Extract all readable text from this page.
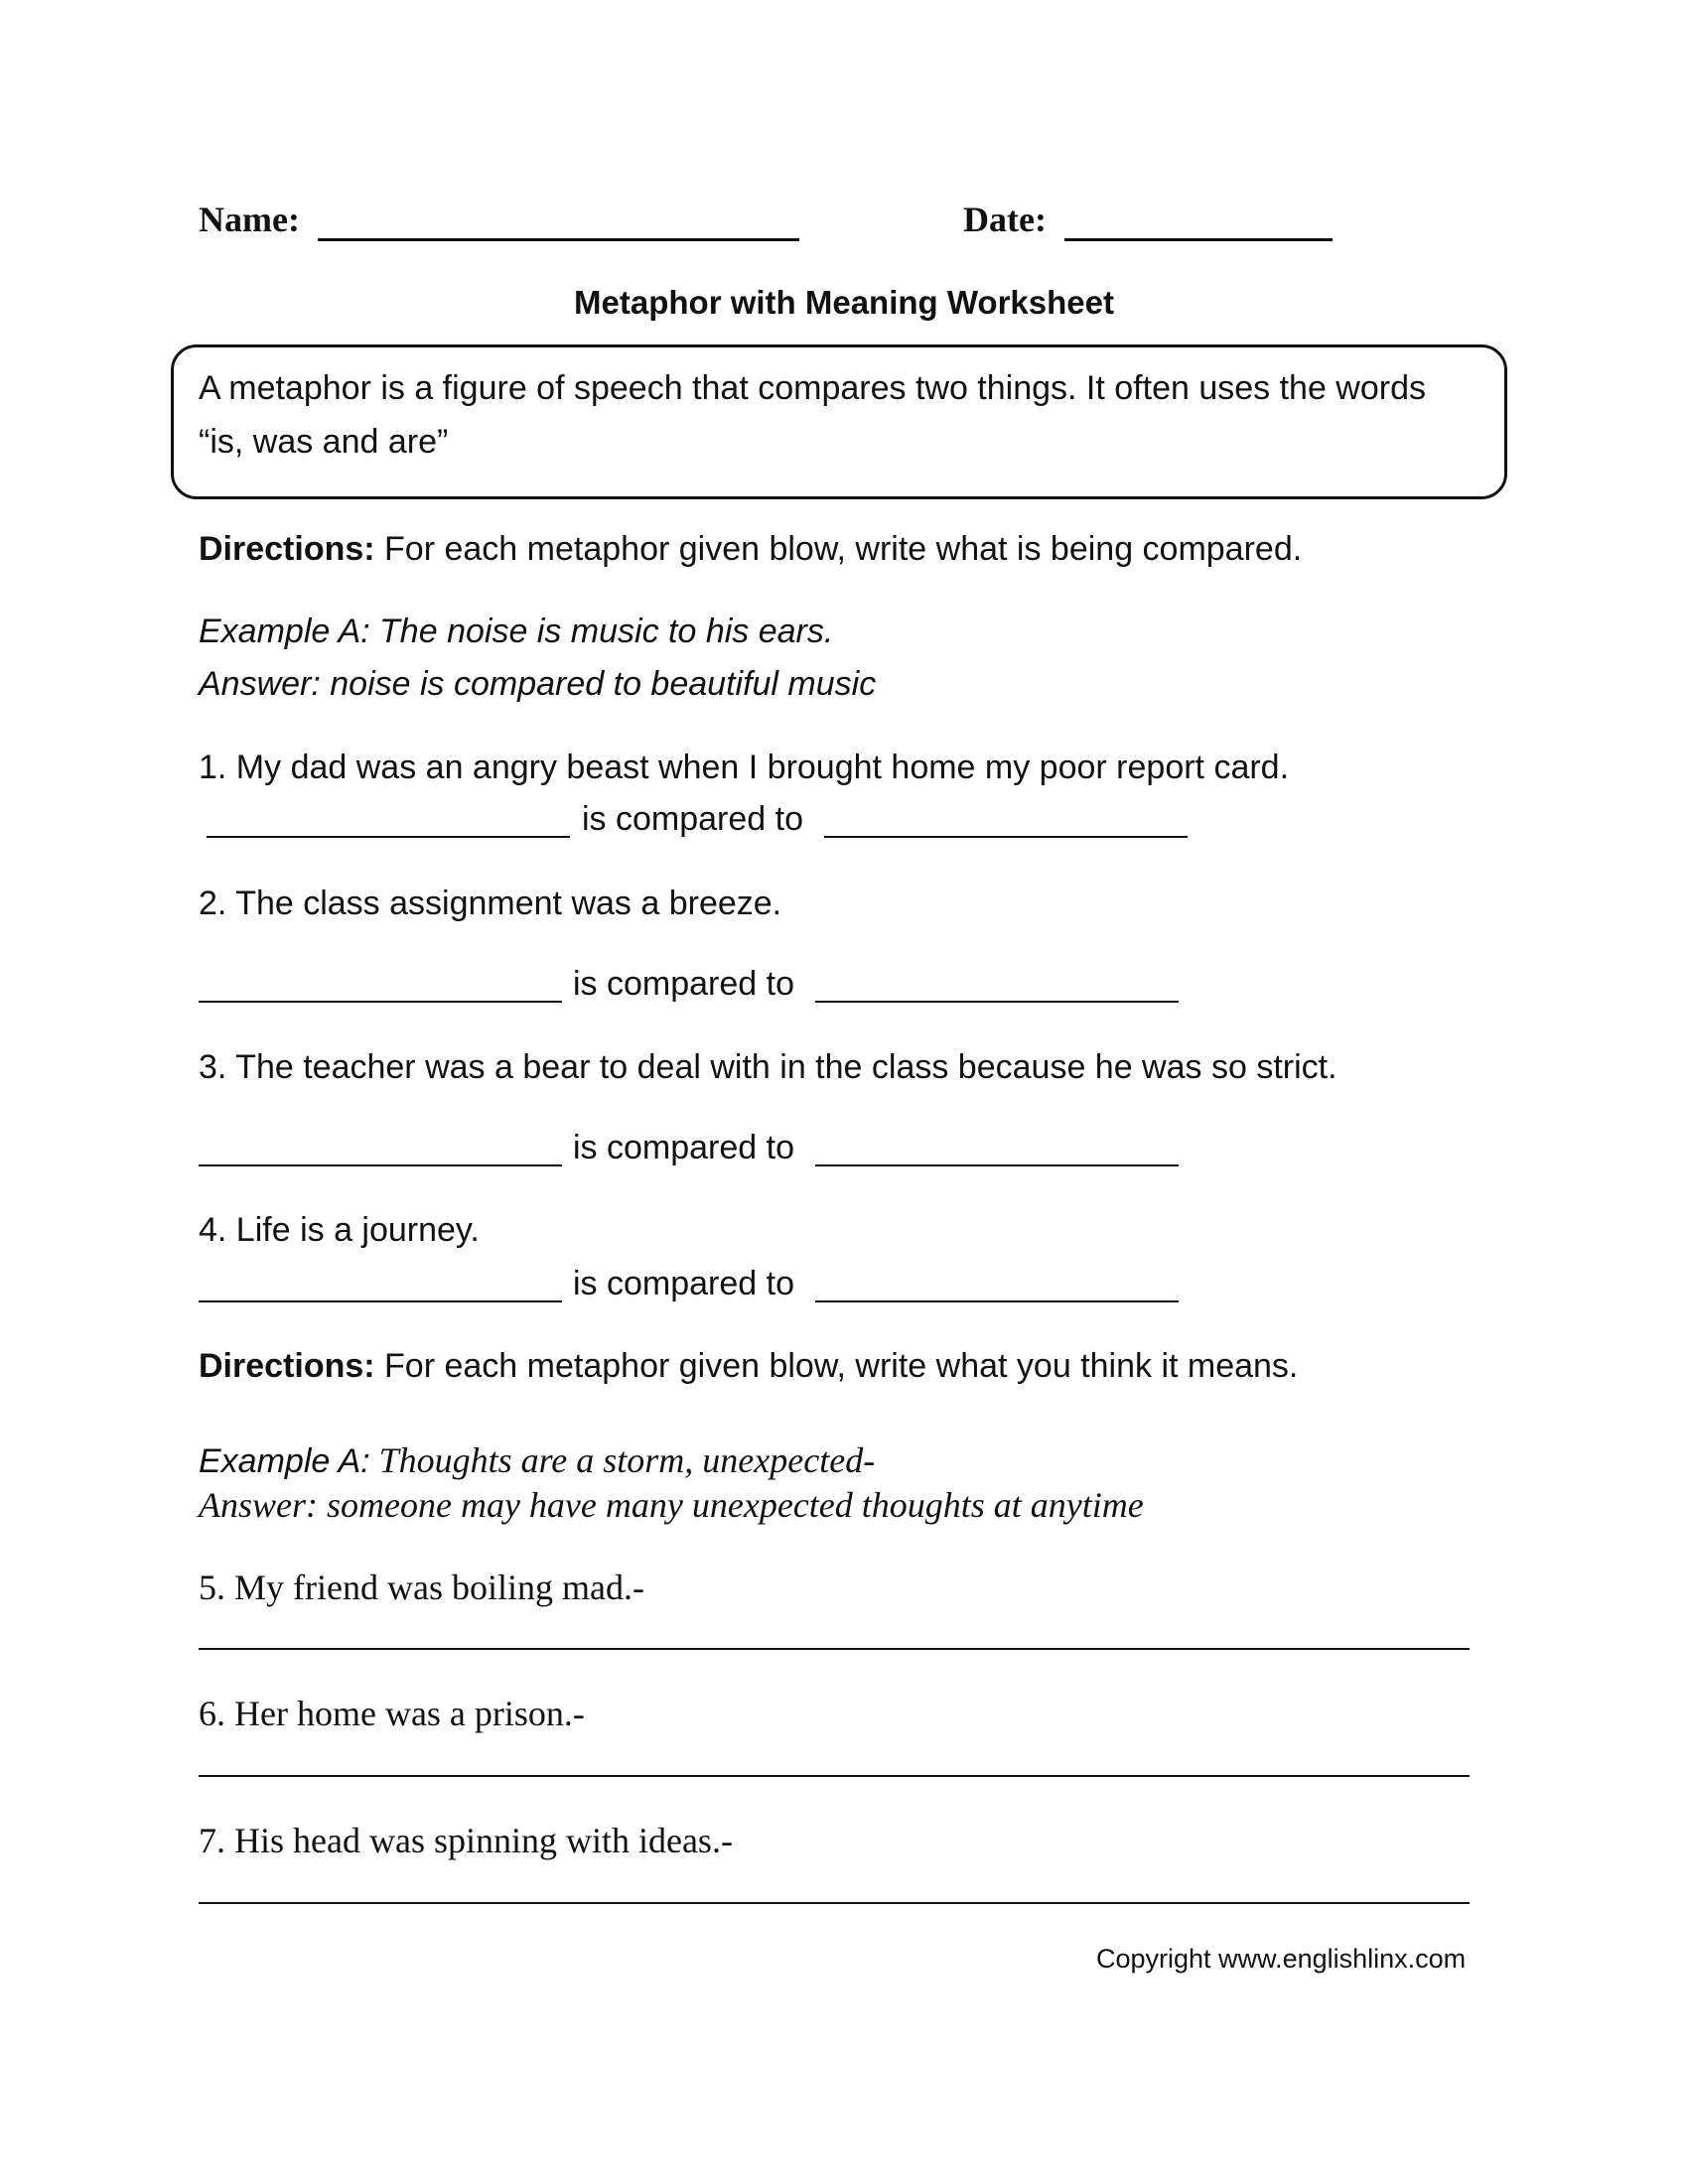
Name:	Date:
Metaphor with Meaning Worksheet
A metaphor is a figure of speech that compares two things. It often uses the words “is, was and are”
Directions: For each metaphor given blow, write what is being compared.
Example A: The noise is music to his ears.
Answer: noise is compared to beautiful music
1. My dad was an angry beast when I brought home my poor report card.
is compared to
2. The class assignment was a breeze.
is compared to
3. The teacher was a bear to deal with in the class because he was so strict.
is compared to
4. Life is a journey.
is compared to
Directions: For each metaphor given blow, write what you think it means.
Example A: Thoughts are a storm, unexpected-
Answer: someone may have many unexpected thoughts at anytime
5. My friend was boiling mad.-
6. Her home was a prison.-
7. His head was spinning with ideas.-
Copyright www.englishlinx.com
